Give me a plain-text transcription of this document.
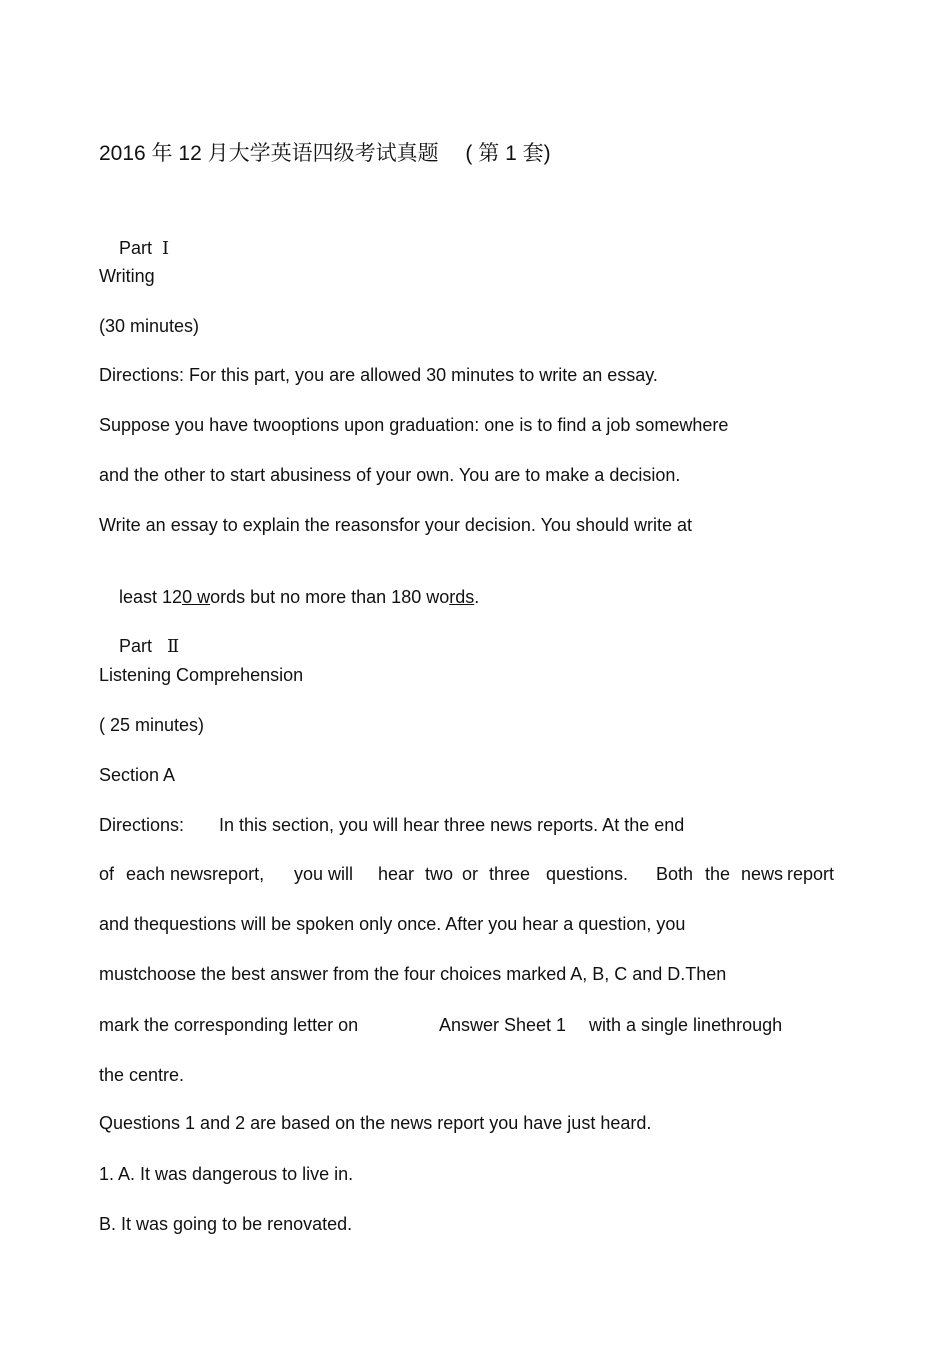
2016 年 12 月大学英语四级考试真题　 ( 第 1 套)

Part Ⅰ

Writing
(30 minutes)
Directions: For this part, you are allowed 30 minutes to write an essay.
Suppose you have twooptions upon graduation: one is to find a job somewhere
and the other to start abusiness of your own. You are to make a decision.
Write an essay to explain the reasonsfor your decision. You should write at

least 120 words but no more than 180 words.

Part Ⅱ

Listening Comprehension
( 25 minutes)
Section A
Directions: In this section, you will hear three news reports. At the end
of each newsreport, you will hear two or three questions. Both the news report
and thequestions will be spoken only once. After you hear a question, you
mustchoose the best answer from the four choices marked A, B, C and D.Then
mark the corresponding letter on	Answer Sheet 1 with a single linethrough
the centre.
Questions 1 and 2 are based on the news report you have just heard.
1. A. It was dangerous to live in.
B. It was going to be renovated.
